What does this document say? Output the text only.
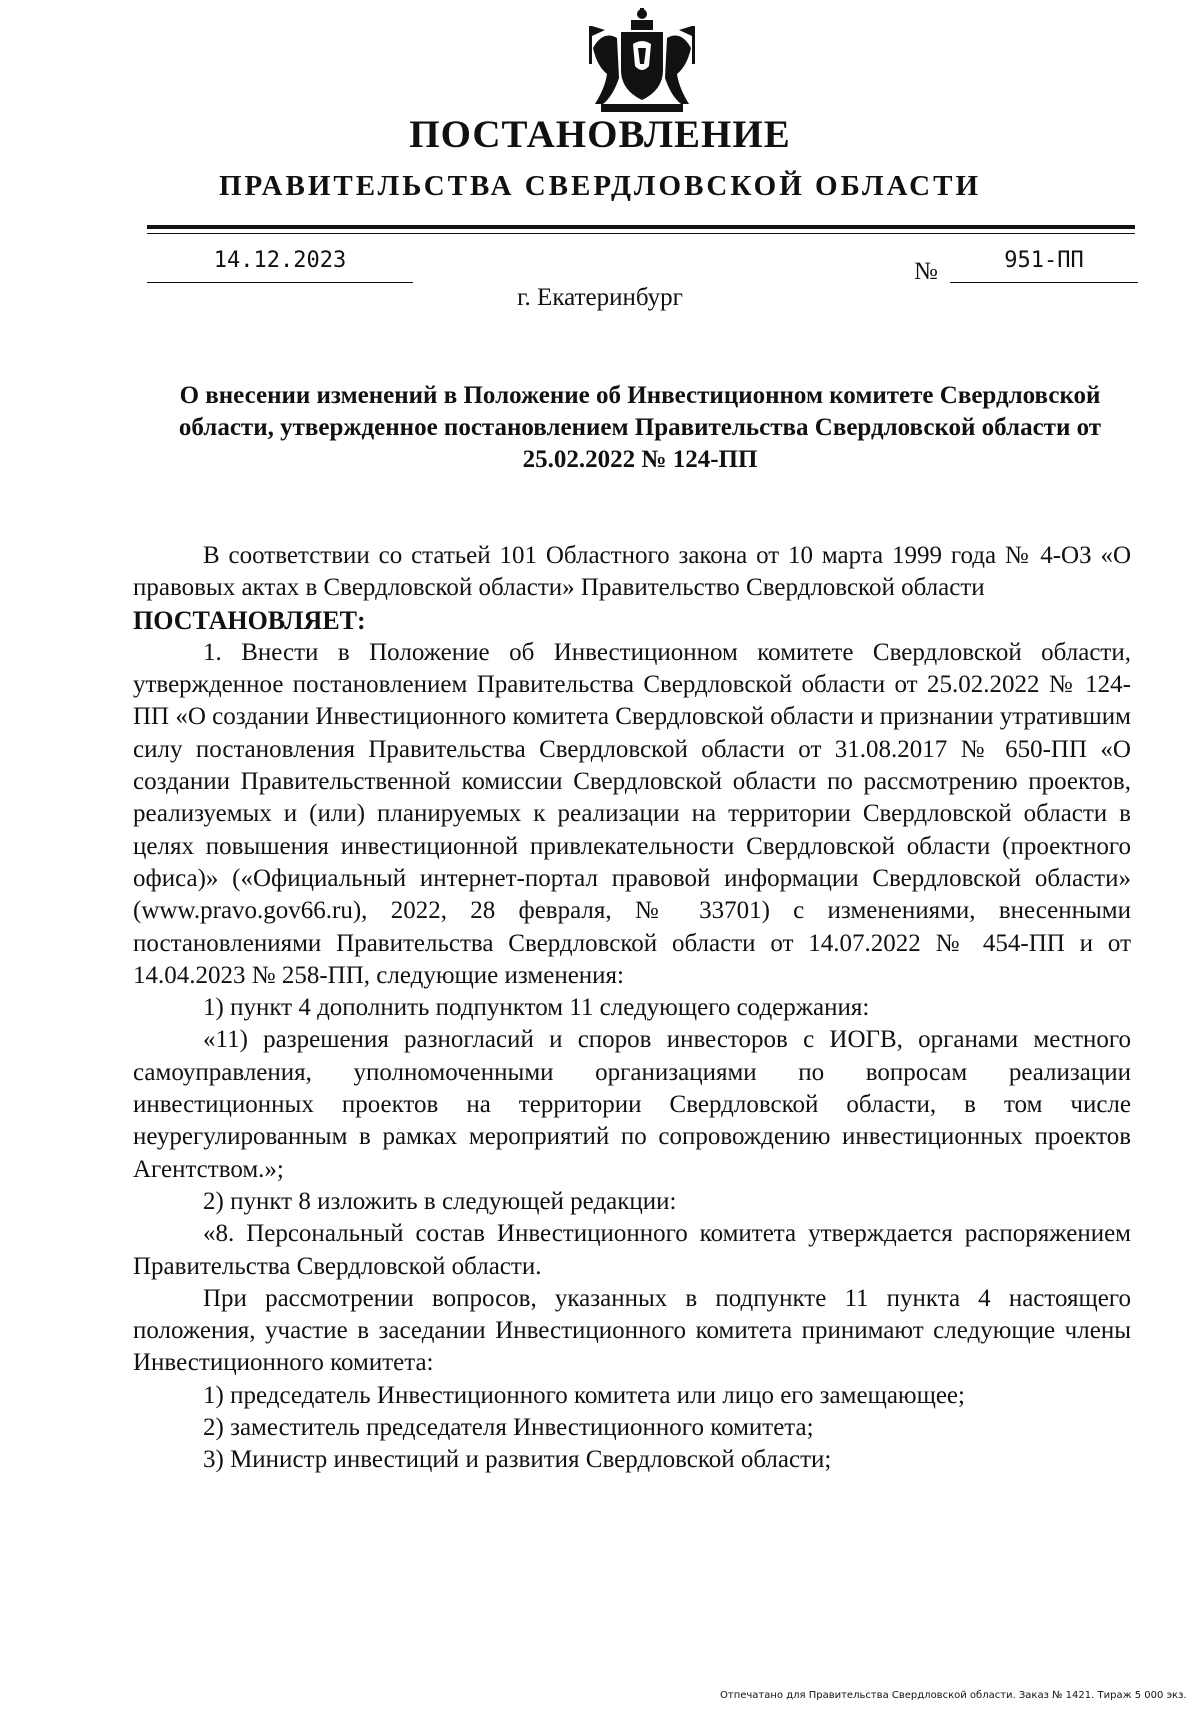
ПОСТАНОВЛЕНИЕ
ПРАВИТЕЛЬСТВА СВЕРДЛОВСКОЙ ОБЛАСТИ
14.12.2023	№	951-ПП
г. Екатеринбург
О внесении изменений в Положение об Инвестиционном комитете Свердловской области, утвержденное постановлением Правительства Свердловской области от 25.02.2022 № 124-ПП

В соответствии со статьей 101 Областного закона от 10 марта 1999 года № 4-ОЗ «О правовых актах в Свердловской области» Правительство Свердловской области

ПОСТАНОВЛЯЕТ:

1. Внести в Положение об Инвестиционном комитете Свердловской области, утвержденное постановлением Правительства Свердловской области от 25.02.2022 № 124-ПП «О создании Инвестиционного комитета Свердловской области и признании утратившим силу постановления Правительства Свердловской области от 31.08.2017 № 650-ПП «О создании Правительственной комиссии Свердловской области по рассмотрению проектов, реализуемых и (или) планируемых к реализации на территории Свердловской области в целях повышения инвестиционной привлекательности Свердловской области (проектного офиса)» («Официальный интернет-портал правовой информации Свердловской области» (www.pravo.gov66.ru), 2022, 28 февраля, № 33701) с изменениями, внесенными постановлениями Правительства Свердловской области от 14.07.2022 № 454-ПП и от 14.04.2023 № 258-ПП, следующие изменения:

1) пункт 4 дополнить подпунктом 11 следующего содержания:

«11) разрешения разногласий и споров инвесторов с ИОГВ, органами местного самоуправления, уполномоченными организациями по вопросам реализации инвестиционных проектов на территории Свердловской области, в том числе неурегулированным в рамках мероприятий по сопровождению инвестиционных проектов Агентством.»;

2) пункт 8 изложить в следующей редакции:

«8. Персональный состав Инвестиционного комитета утверждается распоряжением Правительства Свердловской области.

При рассмотрении вопросов, указанных в подпункте 11 пункта 4 настоящего положения, участие в заседании Инвестиционного комитета принимают следующие члены Инвестиционного комитета:

1) председатель Инвестиционного комитета или лицо его замещающее;

2) заместитель председателя Инвестиционного комитета;

3) Министр инвестиций и развития Свердловской области;

Отпечатано для Правительства Свердловской области. Заказ № 1421. Тираж 5 000 экз.
